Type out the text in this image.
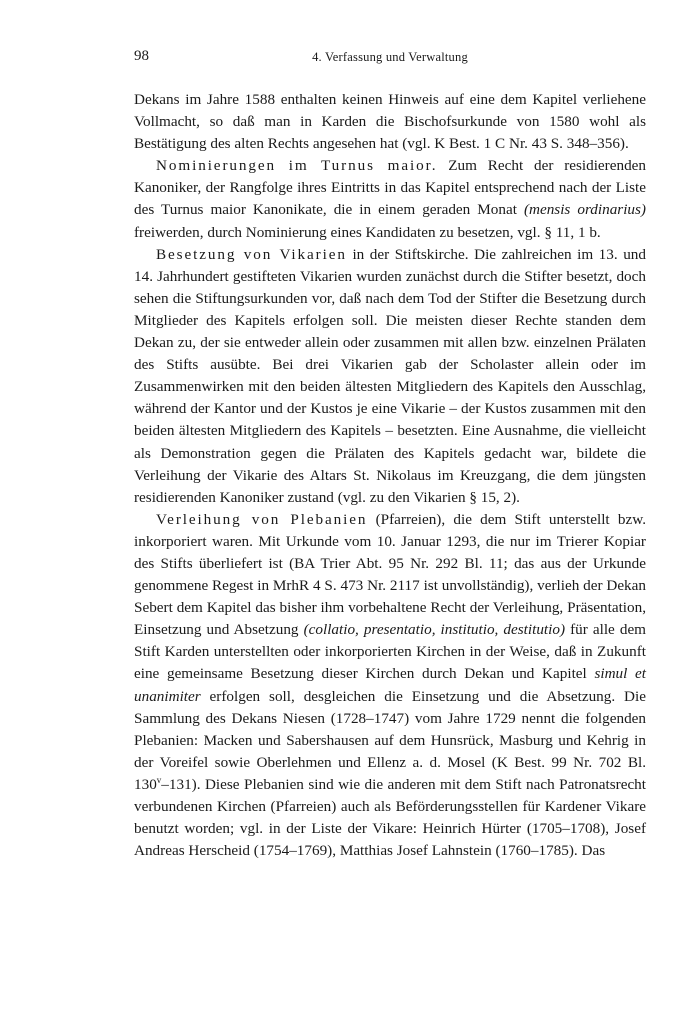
98	4. Verfassung und Verwaltung

Dekans im Jahre 1588 enthalten keinen Hinweis auf eine dem Kapitel verliehene Vollmacht, so daß man in Karden die Bischofsurkunde von 1580 wohl als Bestätigung des alten Rechts angesehen hat (vgl. K Best. 1 C Nr. 43 S. 348–356).

Nominierungen im Turnus maior. Zum Recht der residierenden Kanoniker, der Rangfolge ihres Eintritts in das Kapitel entsprechend nach der Liste des Turnus maior Kanonikate, die in einem geraden Monat (mensis ordinarius) freiwerden, durch Nominierung eines Kandidaten zu besetzen, vgl. § 11, 1 b.

Besetzung von Vikarien in der Stiftskirche. Die zahlreichen im 13. und 14. Jahrhundert gestifteten Vikarien wurden zunächst durch die Stifter besetzt, doch sehen die Stiftungsurkunden vor, daß nach dem Tod der Stifter die Besetzung durch Mitglieder des Kapitels erfolgen soll. Die meisten dieser Rechte standen dem Dekan zu, der sie entweder allein oder zusammen mit allen bzw. einzelnen Prälaten des Stifts ausübte. Bei drei Vikarien gab der Scholaster allein oder im Zusammenwirken mit den beiden ältesten Mitgliedern des Kapitels den Ausschlag, während der Kantor und der Kustos je eine Vikarie – der Kustos zusammen mit den beiden ältesten Mitgliedern des Kapitels – besetzten. Eine Ausnahme, die vielleicht als Demonstration gegen die Prälaten des Kapitels gedacht war, bildete die Verleihung der Vikarie des Altars St. Nikolaus im Kreuzgang, die dem jüngsten residierenden Kanoniker zustand (vgl. zu den Vikarien § 15, 2).

Verleihung von Plebanien (Pfarreien), die dem Stift unterstellt bzw. inkorporiert waren. Mit Urkunde vom 10. Januar 1293, die nur im Trierer Kopiar des Stifts überliefert ist (BA Trier Abt. 95 Nr. 292 Bl. 11; das aus der Urkunde genommene Regest in MrhR 4 S. 473 Nr. 2117 ist unvollständig), verlieh der Dekan Sebert dem Kapitel das bisher ihm vorbehaltene Recht der Verleihung, Präsentation, Einsetzung und Absetzung (collatio, presentatio, institutio, destitutio) für alle dem Stift Karden unterstellten oder inkorporierten Kirchen in der Weise, daß in Zukunft eine gemeinsame Besetzung dieser Kirchen durch Dekan und Kapitel simul et unanimiter erfolgen soll, desgleichen die Einsetzung und die Absetzung. Die Sammlung des Dekans Niesen (1728–1747) vom Jahre 1729 nennt die folgenden Plebanien: Macken und Sabershausen auf dem Hunsrück, Masburg und Kehrig in der Voreifel sowie Oberlehmen und Ellenz a. d. Mosel (K Best. 99 Nr. 702 Bl. 130$^v$–131). Diese Plebanien sind wie die anderen mit dem Stift nach Patronatsrecht verbundenen Kirchen (Pfarreien) auch als Beförderungsstellen für Kardener Vikare benutzt worden; vgl. in der Liste der Vikare: Heinrich Hürter (1705–1708), Josef Andreas Herscheid (1754–1769), Matthias Josef Lahnstein (1760–1785). Das
